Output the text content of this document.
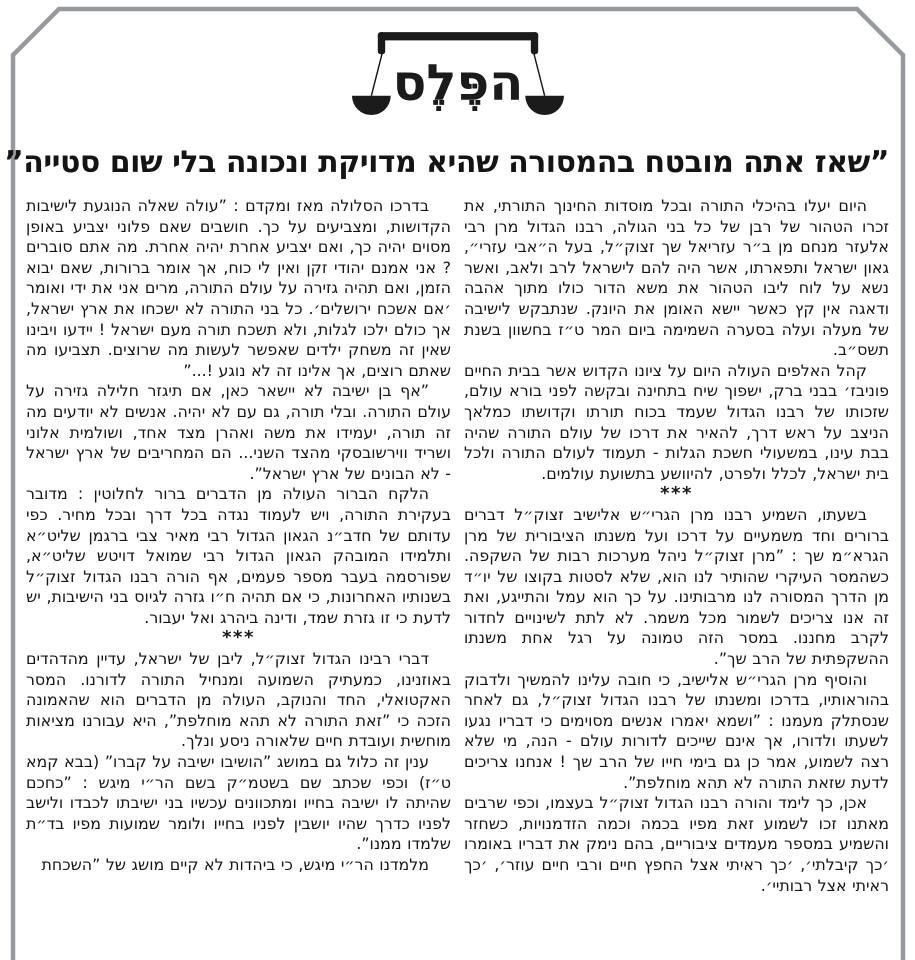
הפֶּלֶס
”שאז אתה מובטח בהמסורה שהיא מדויקת ונכונה בלי שום סטייה”

היום יעלו בהיכלי התורה ובכל מוסדות החינוך התורתי, את זכרו הטהור של רבן של כל בני הגולה, רבנו הגדול מרן רבי אלעזר מנחם מן ב״ר עזריאל שך זצוק״ל, בעל ה״אבי עזרי״, גאון ישראל ותפארתו, אשר היה להם לישראל לרב ולאב, ואשר נשא על לוח ליבו הטהור את משא הדור כולו מתוך אהבה ודאגה אין קץ כאשר יישא האומן את היונק. שנתבקש לישיבה של מעלה ועלה בסערה השמימה ביום המר ט״ז בחשוון בשנת תשס״ב.

קהל האלפים העולה היום על ציונו הקדוש אשר בבית החיים פוניבז׳ בבני ברק, ישפוך שיח בתחינה ובקשה לפני בורא עולם, שזכותו של רבנו הגדול שעמד בכוח תורתו וקדושתו כמלאך הניצב על ראש דרך, להאיר את דרכו של עולם התורה שהיה בבת עינו, במשעולי חשכת הגלות - תעמוד לעולם התורה ולכל בית ישראל, לכלל ולפרט, להיוושע בתשועת עולמים.

***

בשעתו, השמיע רבנו מרן הגרי״ש אלישיב זצוק״ל דברים ברורים וחד משמעיים על דרכו ועל משנתו הציבורית של מרן הגרא״מ שך : ”מרן זצוק״ל ניהל מערכות רבות של השקפה. כשהמסר העיקרי שהותיר לנו הוא, שלא לסטות בקוצו של יו״ד מן הדרך המסורה לנו מרבותינו. על כך הוא עמל והתייגע, ואת זה אנו צריכים לשמור מכל משמר. לא לתת לשינויים לחדור לקרב מחננו. במסר הזה טמונה על רגל אחת משנתו ההשקפתית של הרב שך”.

והוסיף מרן הגרי״ש אלישיב, כי חובה עלינו להמשיך ולדבוק בהוראותיו, בדרכו ומשנתו של רבנו הגדול זצוק״ל, גם לאחר שנסתלק מעמנו : ”ושמא יאמרו אנשים מסוימים כי דבריו נגעו לשעתו ולדורו, אך אינם שייכים לדורות עולם - הנה, מי שלא רצה לשמוע, אמר כן גם בימי חייו של הרב שך ! אנחנו צריכים לדעת שזאת התורה לא תהא מוחלפת”.

אכן, כך לימד והורה רבנו הגדול זצוק״ל בעצמו, וכפי שרבים מאתנו זכו לשמוע זאת מפיו בכמה וכמה הזדמנויות, כשחזר והשמיע במספר מעמדים ציבוריים, בהם נימק את דבריו באומרו ׳כך קיבלתי׳, ׳כך ראיתי אצל החפץ חיים ורבי חיים עוזר׳, ׳כך ראיתי אצל רבותיי׳.

בדרכו הסלולה מאז ומקדם : ”עולה שאלה הנוגעת לישיבות הקדושות, ומצביעים על כך. חושבים שאם פלוני יצביע באופן מסוים יהיה כך, ואם יצביע אחרת יהיה אחרת. מה אתם סוברים ? אני אמנם יהודי זקן ואין לי כוח, אך אומר ברורות, שאם יבוא הזמן, ואם תהיה גזירה על עולם התורה, מרים אני את ידי ואומר ׳אם אשכח ירושלים׳. כל בני התורה לא ישכחו את ארץ ישראל, אך כולם ילכו לגלות, ולא תשכח תורה מעם ישראל ! יידעו ויבינו שאין זה משחק ילדים שאפשר לעשות מה שרוצים. תצביעו מה שאתם רוצים, אך אלינו זה לא נוגע !...”

”אף בן ישיבה לא יישאר כאן, אם תיגזר חלילה גזירה על עולם התורה. ובלי תורה, גם עם לא יהיה. אנשים לא יודעים מה זה תורה, יעמידו את משה ואהרן מצד אחד, ושולמית אלוני ושריד ווירשובסקי מהצד השני... הם המחריבים של ארץ ישראל - לא הבונים של ארץ ישראל”.

הלקח הברור העולה מן הדברים ברור לחלוטין : מדובר בעקירת התורה, ויש לעמוד נגדה בכל דרך ובכל מחיר. כפי עדותם של חדב״נ הגאון הגדול רבי מאיר צבי ברגמן שליט״א ותלמידו המובהק הגאון הגדול רבי שמואל דויטש שליט״א, שפורסמה בעבר מספר פעמים, אף הורה רבנו הגדול זצוק״ל בשנותיו האחרונות, כי אם תהיה ח״ו גזרה לגיוס בני הישיבות, יש לדעת כי זו גזרת שמד, ודינה ביהרג ואל יעבור.

***

דברי רבינו הגדול זצוק״ל, ליבן של ישראל, עדיין מהדהדים באוזנינו, כמעתיק השמועה ומנחיל התורה לדורנו. המסר האקטואלי, החד והנוקב, העולה מן הדברים הוא שהאמונה הזכה כי ”זאת התורה לא תהא מוחלפת”, היא עבורנו מציאות מוחשית ועובדת חיים שלאורה ניסע ונלך.

ענין זה כלול גם במושג ”הושיבו ישיבה על קברו” (בבא קמא ט״ז) וכפי שכתב שם בשטמ״ק בשם הר״י מיגש : ”כחכם שהיתה לו ישיבה בחייו ומתכוונים עכשיו בני ישיבתו לכבדו ולישב לפניו כדרך שהיו יושבין לפניו בחייו ולומר שמועות מפיו בד״ת שלמדו ממנו”.

מלמדנו הר״י מיגש, כי ביהדות לא קיים מושג של ”השכחת
